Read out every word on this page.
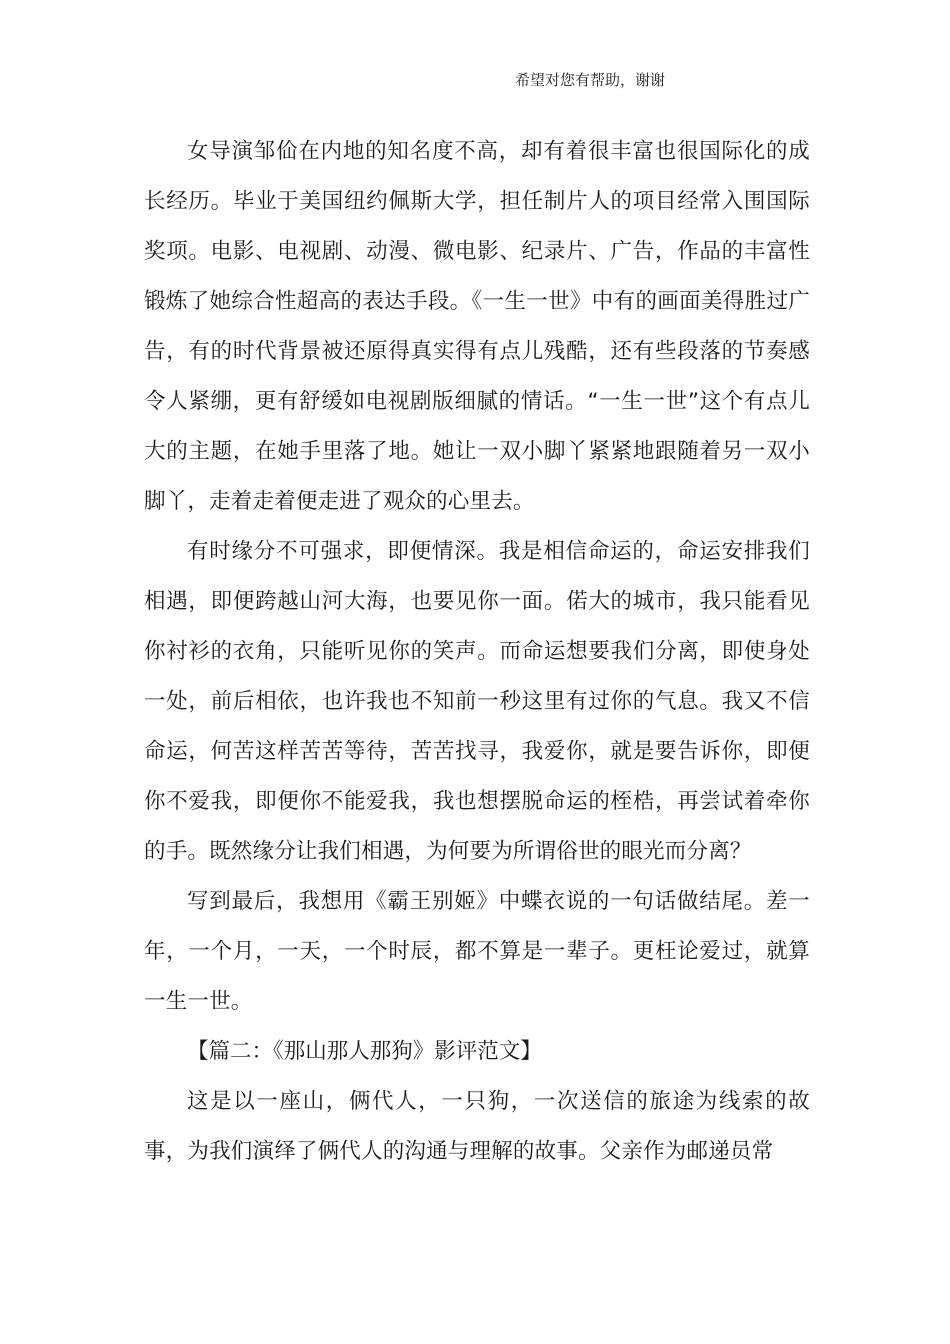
希望对您有帮助，谢谢

女导演邹佡在内地的知名度不高，却有着很丰富也很国际化的成长经历。毕业于美国纽约佩斯大学，担任制片人的项目经常入围国际奖项。电影、电视剧、动漫、微电影、纪录片、广告，作品的丰富性锻炼了她综合性超高的表达手段。《一生一世》中有的画面美得胜过广告，有的时代背景被还原得真实得有点儿残酷，还有些段落的节奏感令人紧绷，更有舒缓如电视剧版细腻的情话。“一生一世”这个有点儿大的主题，在她手里落了地。她让一双小脚丫紧紧地跟随着另一双小脚丫，走着走着便走进了观众的心里去。

有时缘分不可强求，即便情深。我是相信命运的，命运安排我们相遇，即便跨越山河大海，也要见你一面。偌大的城市，我只能看见你衬衫的衣角，只能听见你的笑声。而命运想要我们分离，即使身处一处，前后相依，也许我也不知前一秒这里有过你的气息。我又不信命运，何苦这样苦苦等待，苦苦找寻，我爱你，就是要告诉你，即便你不爱我，即便你不能爱我，我也想摆脱命运的桎梏，再尝试着牵你的手。既然缘分让我们相遇，为何要为所谓俗世的眼光而分离？

写到最后，我想用《霸王别姬》中蝶衣说的一句话做结尾。差一年，一个月，一天，一个时辰，都不算是一辈子。更枉论爱过，就算一生一世。

【篇二：《那山那人那狗》影评范文】

这是以一座山，俩代人，一只狗，一次送信的旅途为线索的故事，为我们演绎了俩代人的沟通与理解的故事。父亲作为邮递员常
